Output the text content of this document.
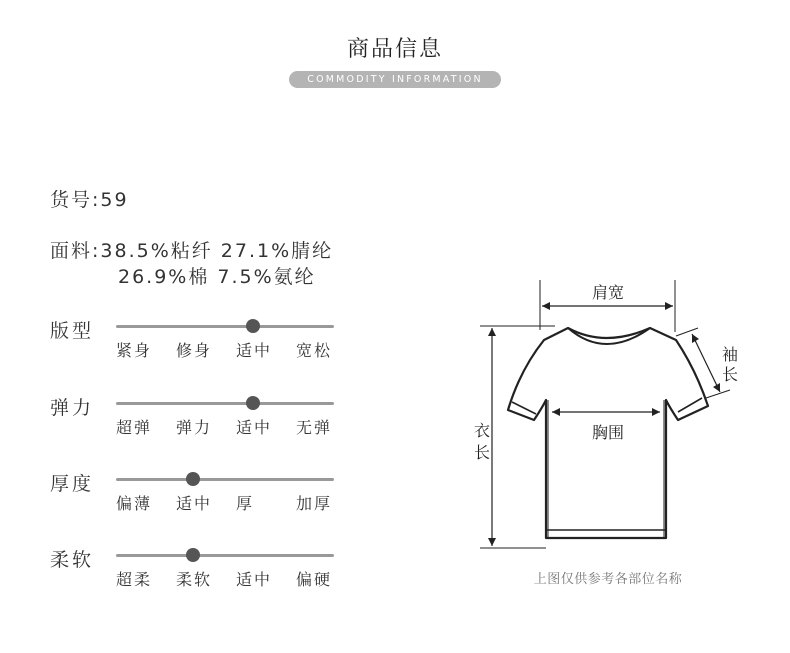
商品信息
COMMODITY INFORMATION
货号:59
面料:38.5%粘纤 27.1%腈纶
26.9%棉 7.5%氨纶
版型
紧身 修身 适中 宽松
弹力
超弹 弹力 适中 无弹
厚度
偏薄 适中 厚	加厚
柔软
超柔 柔软 适中 偏硬
肩宽
衣
长
胸围
袖
长
上图仅供参考各部位名称
